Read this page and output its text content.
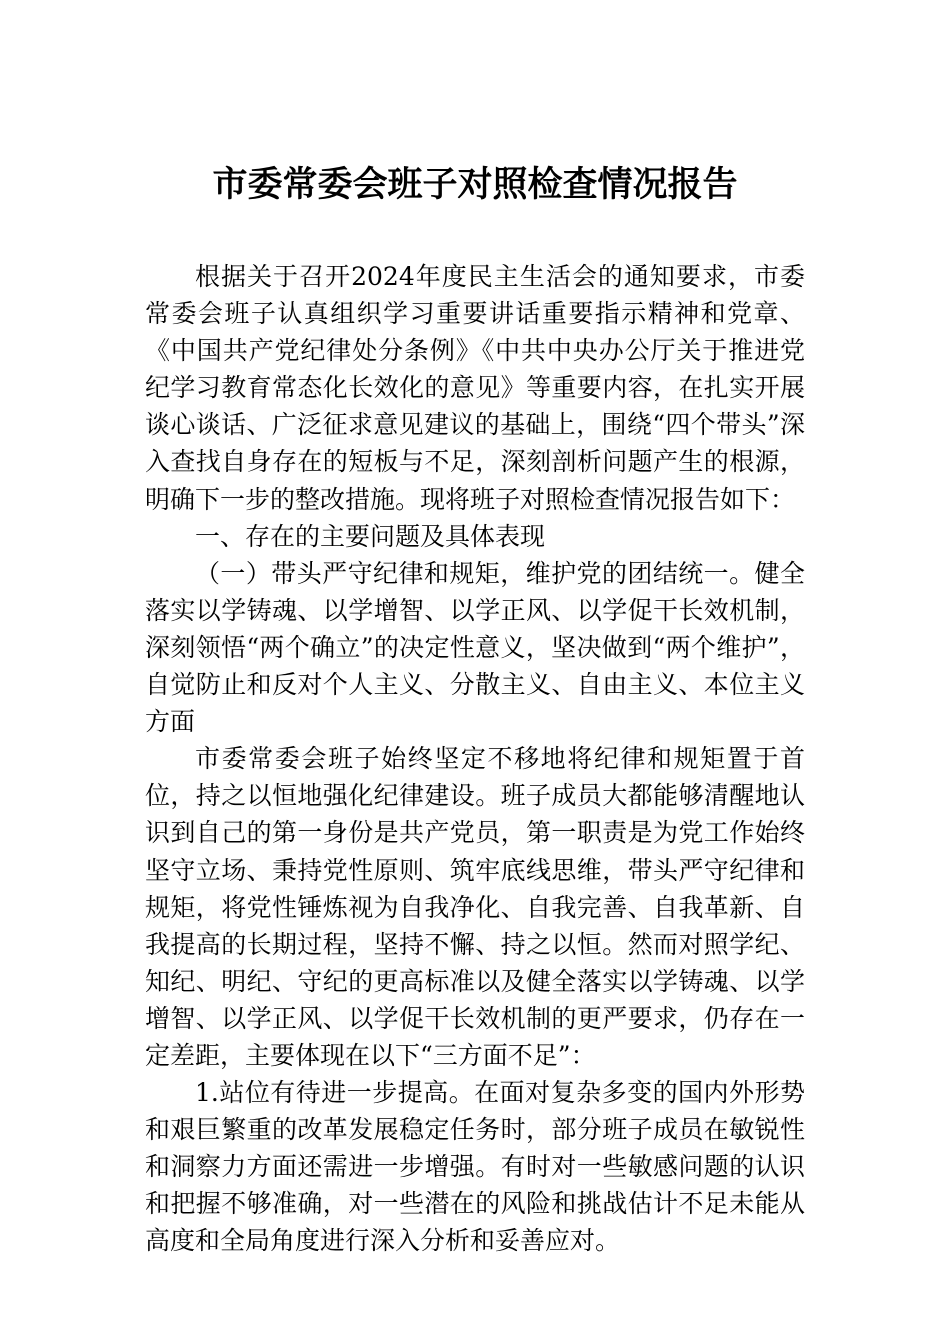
市委常委会班子对照检查情况报告

根据关于召开2024年度民主生活会的通知要求，市委常委会班子认真组织学习重要讲话重要指示精神和党章、《中国共产党纪律处分条例》《中共中央办公厅关于推进党纪学习教育常态化长效化的意见》等重要内容，在扎实开展谈心谈话、广泛征求意见建议的基础上，围绕“四个带头”深入查找自身存在的短板与不足，深刻剖析问题产生的根源，明确下一步的整改措施。现将班子对照检查情况报告如下：

一、存在的主要问题及具体表现

（一）带头严守纪律和规矩，维护党的团结统一。健全落实以学铸魂、以学增智、以学正风、以学促干长效机制，深刻领悟“两个确立”的决定性意义，坚决做到“两个维护”，自觉防止和反对个人主义、分散主义、自由主义、本位主义方面

市委常委会班子始终坚定不移地将纪律和规矩置于首位，持之以恒地强化纪律建设。班子成员大都能够清醒地认识到自己的第一身份是共产党员，第一职责是为党工作始终坚守立场、秉持党性原则、筑牢底线思维，带头严守纪律和规矩，将党性锤炼视为自我净化、自我完善、自我革新、自我提高的长期过程，坚持不懈、持之以恒。然而对照学纪、知纪、明纪、守纪的更高标准以及健全落实以学铸魂、以学增智、以学正风、以学促干长效机制的更严要求，仍存在一定差距，主要体现在以下“三方面不足”：

1.站位有待进一步提高。在面对复杂多变的国内外形势和艰巨繁重的改革发展稳定任务时，部分班子成员在敏锐性和洞察力方面还需进一步增强。有时对一些敏感问题的认识和把握不够准确，对一些潜在的风险和挑战估计不足未能从高度和全局角度进行深入分析和妥善应对。
